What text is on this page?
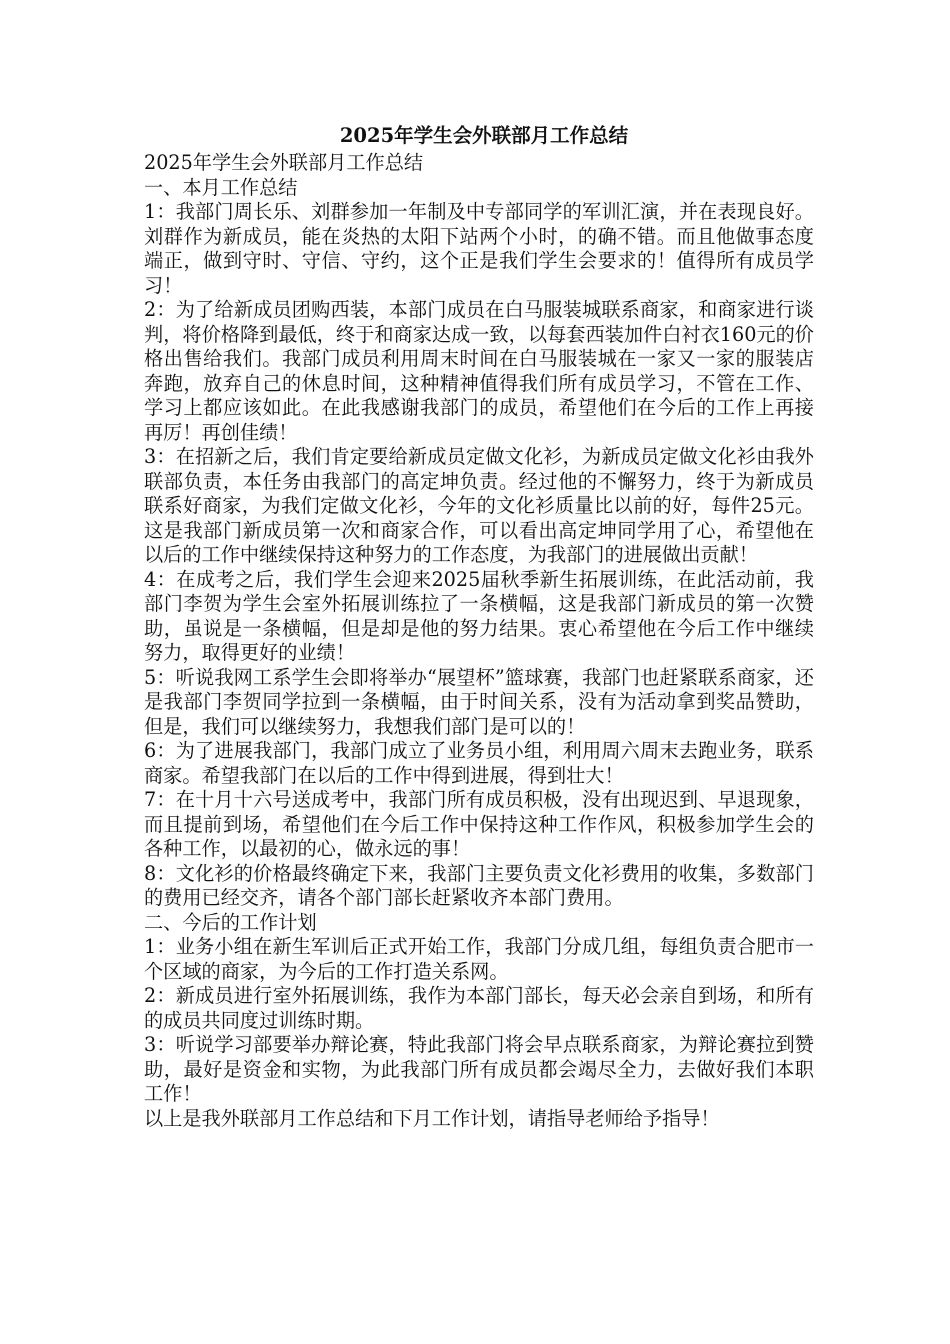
2025年学生会外联部月工作总结

2025年学生会外联部月工作总结

一、本月工作总结

1：我部门周长乐、刘群参加一年制及中专部同学的军训汇演，并在表现良好。刘群作为新成员，能在炎热的太阳下站两个小时，的确不错。而且他做事态度端正，做到守时、守信、守约，这个正是我们学生会要求的！值得所有成员学习！

2：为了给新成员团购西装，本部门成员在白马服装城联系商家，和商家进行谈判，将价格降到最低，终于和商家达成一致，以每套西装加件白衬衣160元的价格出售给我们。我部门成员利用周末时间在白马服装城在一家又一家的服装店奔跑，放弃自己的休息时间，这种精神值得我们所有成员学习，不管在工作、学习上都应该如此。在此我感谢我部门的成员，希望他们在今后的工作上再接再厉！再创佳绩！

3：在招新之后，我们肯定要给新成员定做文化衫，为新成员定做文化衫由我外联部负责，本任务由我部门的高定坤负责。经过他的不懈努力，终于为新成员联系好商家，为我们定做文化衫，今年的文化衫质量比以前的好，每件25元。这是我部门新成员第一次和商家合作，可以看出高定坤同学用了心，希望他在以后的工作中继续保持这种努力的工作态度，为我部门的进展做出贡献！

4：在成考之后，我们学生会迎来2025届秋季新生拓展训练，在此活动前，我部门李贺为学生会室外拓展训练拉了一条横幅，这是我部门新成员的第一次赞助，虽说是一条横幅，但是却是他的努力结果。衷心希望他在今后工作中继续努力，取得更好的业绩！

5：听说我网工系学生会即将举办“展望杯”篮球赛，我部门也赶紧联系商家，还是我部门李贺同学拉到一条横幅，由于时间关系，没有为活动拿到奖品赞助，但是，我们可以继续努力，我想我们部门是可以的！

6：为了进展我部门，我部门成立了业务员小组，利用周六周末去跑业务，联系商家。希望我部门在以后的工作中得到进展，得到壮大！

7：在十月十六号送成考中，我部门所有成员积极，没有出现迟到、早退现象，而且提前到场，希望他们在今后工作中保持这种工作作风，积极参加学生会的各种工作，以最初的心，做永远的事！

8：文化衫的价格最终确定下来，我部门主要负责文化衫费用的收集，多数部门的费用已经交齐，请各个部门部长赶紧收齐本部门费用。

二、今后的工作计划

1：业务小组在新生军训后正式开始工作，我部门分成几组，每组负责合肥市一个区域的商家，为今后的工作打造关系网。

2：新成员进行室外拓展训练，我作为本部门部长，每天必会亲自到场，和所有的成员共同度过训练时期。

3：听说学习部要举办辩论赛，特此我部门将会早点联系商家，为辩论赛拉到赞助，最好是资金和实物，为此我部门所有成员都会竭尽全力，去做好我们本职工作！

以上是我外联部月工作总结和下月工作计划，请指导老师给予指导！
